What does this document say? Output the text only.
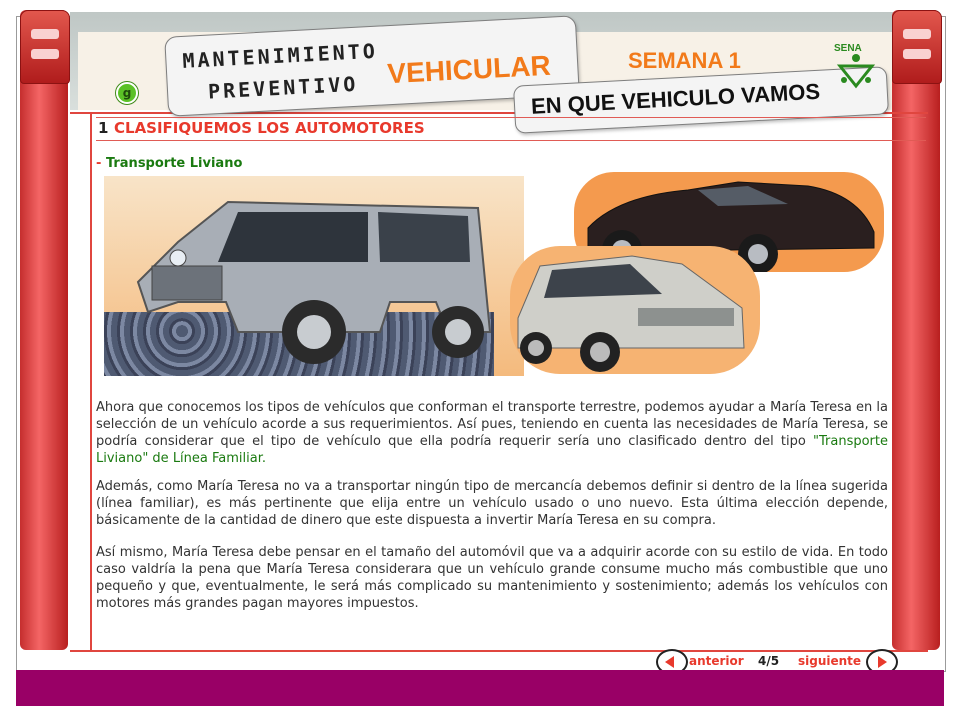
MANTENIMIENTO
PREVENTIVO VEHICULAR	SEMANA 1
EN QUE VEHICULO VAMOS
SENA
g
1 CLASIFIQUEMOS LOS AUTOMOTORES
- Transporte Liviano
Ahora que conocemos los tipos de vehículos que conforman el transporte terrestre, podemos ayudar a María Teresa en la selección de un vehículo acorde a sus requerimientos. Así pues, teniendo en cuenta las necesidades de María Teresa, se podría considerar que el tipo de vehículo que ella podría requerir sería uno clasificado dentro del tipo "Transporte Liviano" de Línea Familiar.
Además, como María Teresa no va a transportar ningún tipo de mercancía debemos definir si dentro de la línea sugerida (línea familiar), es más pertinente que elija entre un vehículo usado o uno nuevo. Esta última elección depende, básicamente de la cantidad de dinero que este dispuesta a invertir María Teresa en su compra.
Así mismo, María Teresa debe pensar en el tamaño del automóvil que va a adquirir acorde con su estilo de vida. En todo caso valdría la pena que María Teresa considerara que un vehículo grande consume mucho más combustible que uno pequeño y que, eventualmente, le será más complicado su mantenimiento y sostenimiento; además los vehículos con motores más grandes pagan mayores impuestos.
anterior 4/5 siguiente
